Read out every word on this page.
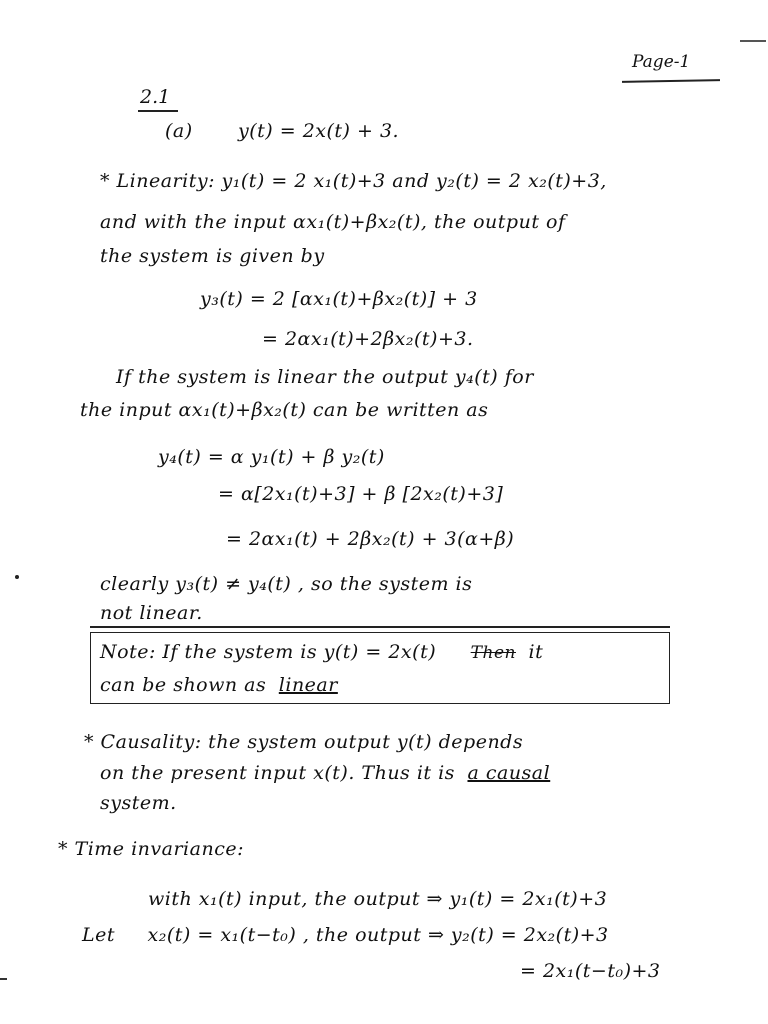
Page-1
2.1
(a) y(t) = 2x(t) + 3.
* Linearity: y₁(t) = 2 x₁(t)+3 and y₂(t) = 2 x₂(t)+3,
and with the input αx₁(t)+βx₂(t), the output of
the system is given by
y₃(t) = 2 [αx₁(t)+βx₂(t)] + 3
= 2αx₁(t)+2βx₂(t)+3.
If the system is linear the output y₄(t) for
the input αx₁(t)+βx₂(t) can be written as
y₄(t) = α y₁(t) + β y₂(t)
= α[2x₁(t)+3] + β [2x₂(t)+3]
= 2αx₁(t) + 2βx₂(t) + 3(α+β)
clearly y₃(t) ≠ y₄(t) , so the system is
not linear.
Note: If the system is y(t) = 2x(t) Then it
can be shown as linear
* Causality: the system output y(t) depends
on the present input x(t). Thus it is a causal
system.
* Time invariance:
with x₁(t) input, the output ⇒ y₁(t) = 2x₁(t)+3
Let x₂(t) = x₁(t−t₀) , the output ⇒ y₂(t) = 2x₂(t)+3
= 2x₁(t−t₀)+3
